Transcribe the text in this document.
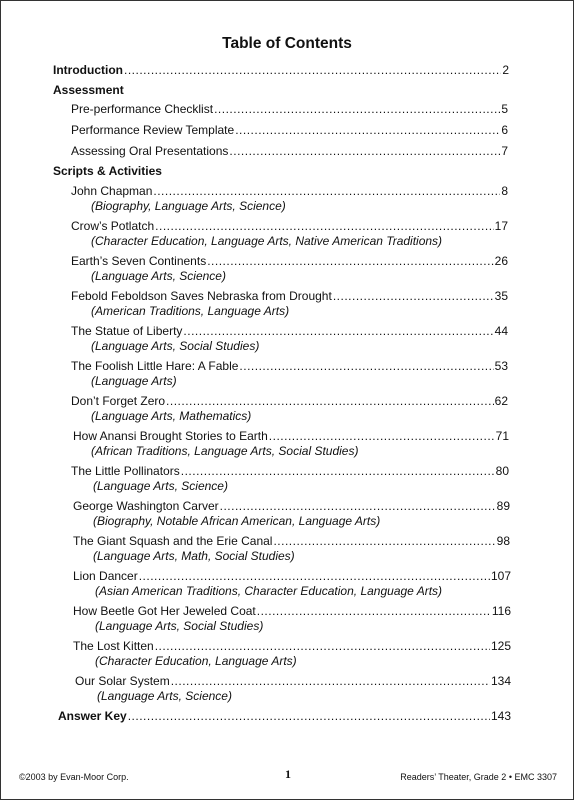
Table of Contents
Introduction .....	2
Assessment
Pre-performance Checklist .....	5
Performance Review Template .....	6
Assessing Oral Presentations .....	7
Scripts & Activities
John Chapman .....	8
(Biography, Language Arts, Science)
Crow’s Potlatch .....	17
(Character Education, Language Arts, Native American Traditions)
Earth’s Seven Continents .....	26
(Language Arts, Science)
Febold Feboldson Saves Nebraska from Drought .....	35
(American Traditions, Language Arts)
The Statue of Liberty .....	44
(Language Arts, Social Studies)
The Foolish Little Hare: A Fable .....	53
(Language Arts)
Don’t Forget Zero .....	62
(Language Arts, Mathematics)
How Anansi Brought Stories to Earth .....	71
(African Traditions, Language Arts, Social Studies)
The Little Pollinators .....	80
(Language Arts, Science)
George Washington Carver .....	89
(Biography, Notable African American, Language Arts)
The Giant Squash and the Erie Canal .....	98
(Language Arts, Math, Social Studies)
Lion Dancer .....	107
(Asian American Traditions, Character Education, Language Arts)
How Beetle Got Her Jeweled Coat .....	116
(Language Arts, Social Studies)
The Lost Kitten .....	125
(Character Education, Language Arts)
Our Solar System .....	134
(Language Arts, Science)
Answer Key .....	143
©2003 by Evan-Moor Corp.	1	Readers’ Theater, Grade 2 • EMC 3307
